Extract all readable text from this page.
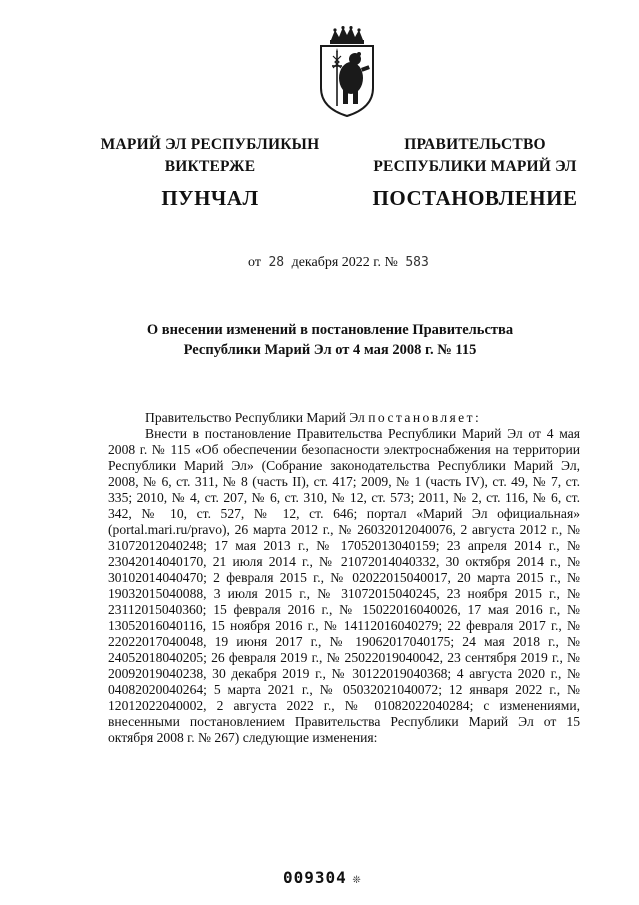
МАРИЙ ЭЛ РЕСПУБЛИКЫН
ВИКТЕРЖЕ
ПУНЧАЛ
ПРАВИТЕЛЬСТВО
РЕСПУБЛИКИ МАРИЙ ЭЛ
ПОСТАНОВЛЕНИЕ
от 28 декабря 2022 г. № 583
О внесении изменений в постановление Правительства
Республики Марий Эл от 4 мая 2008 г. № 115

Правительство Республики Марий Эл постановляет:

Внести в постановление Правительства Республики Марий Эл от 4 мая 2008 г. № 115 «Об обеспечении безопасности электроснабжения на территории Республики Марий Эл» (Собрание законодательства Республики Марий Эл, 2008, № 6, ст. 311, № 8 (часть II), ст. 417; 2009, № 1 (часть IV), ст. 49, № 7, ст. 335; 2010, № 4, ст. 207, № 6, ст. 310, № 12, ст. 573; 2011, № 2, ст. 116, № 6, ст. 342, № 10, ст. 527, № 12, ст. 646; портал «Марий Эл официальная» (portal.mari.ru/pravo), 26 марта 2012 г., № 26032012040076, 2 августа 2012 г., № 31072012040248; 17 мая 2013 г., № 17052013040159; 23 апреля 2014 г., № 23042014040170, 21 июля 2014 г., № 21072014040332, 30 октября 2014 г., № 30102014040470; 2 февраля 2015 г., № 02022015040017, 20 марта 2015 г., № 19032015040088, 3 июля 2015 г., № 31072015040245, 23 ноября 2015 г., № 23112015040360; 15 февраля 2016 г., № 15022016040026, 17 мая 2016 г., № 13052016040116, 15 ноября 2016 г., № 14112016040279; 22 февраля 2017 г., № 22022017040048, 19 июня 2017 г., № 19062017040175; 24 мая 2018 г., № 24052018040205; 26 февраля 2019 г., № 25022019040042, 23 сентября 2019 г., № 20092019040238, 30 декабря 2019 г., № 30122019040368; 4 августа 2020 г., № 04082020040264; 5 марта 2021 г., № 05032021040072; 12 января 2022 г., № 12012022040002, 2 августа 2022 г., № 01082022040284; с изменениями, внесенными постановлением Правительства Республики Марий Эл от 15 октября 2008 г. № 267) следующие изменения:

009304 ❊
